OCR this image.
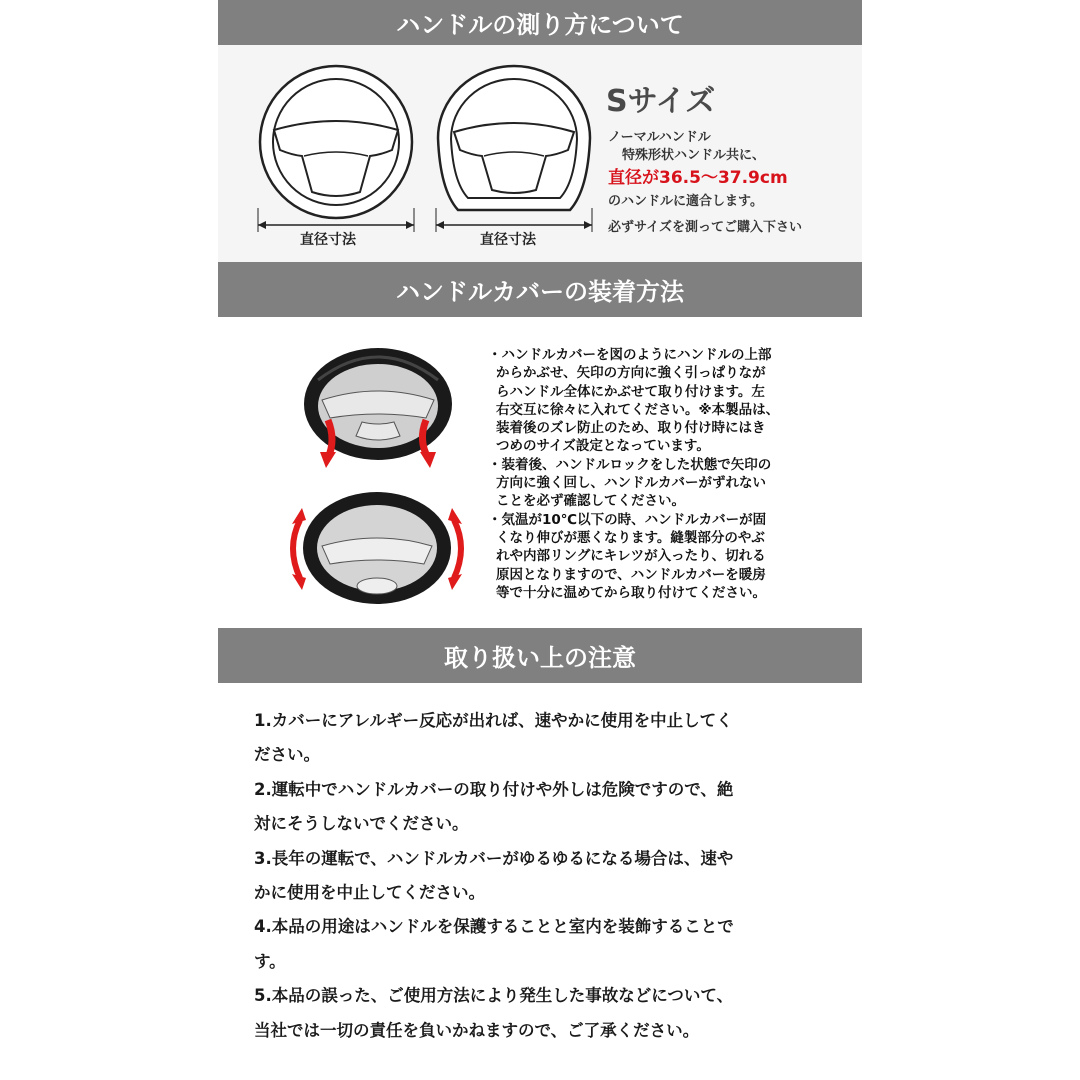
ハンドルの測り方について
直径寸法	直径寸法
Sサイズ
ノーマルハンドル
特殊形状ハンドル共に、
直径が36.5～37.9cm
のハンドルに適合します。
必ずサイズを測ってご購入下さい
ハンドルカバーの装着方法

・ハンドルカバーを図のようにハンドルの上部
からかぶせ、矢印の方向に強く引っぱりなが
らハンドル全体にかぶせて取り付けます。左
右交互に徐々に入れてください。※本製品は、
装着後のズレ防止のため、取り付け時にはき
つめのサイズ設定となっています。

・装着後、ハンドルロックをした状態で矢印の
方向に強く回し、ハンドルカバーがずれない
ことを必ず確認してください。

・気温が10℃以下の時、ハンドルカバーが固
くなり伸びが悪くなります。縫製部分のやぶ
れや内部リングにキレツが入ったり、切れる
原因となりますので、ハンドルカバーを暖房
等で十分に温めてから取り付けてください。

取り扱い上の注意

1.カバーにアレルギー反応が出れば、速やかに使用を中止してく
ださい。

2.運転中でハンドルカバーの取り付けや外しは危険ですので、絶
対にそうしないでください。

3.長年の運転で、ハンドルカバーがゆるゆるになる場合は、速や
かに使用を中止してください。

4.本品の用途はハンドルを保護することと室内を装飾することで
す。

5.本品の誤った、ご使用方法により発生した事故などについて、
当社では一切の責任を負いかねますので、ご了承ください。
